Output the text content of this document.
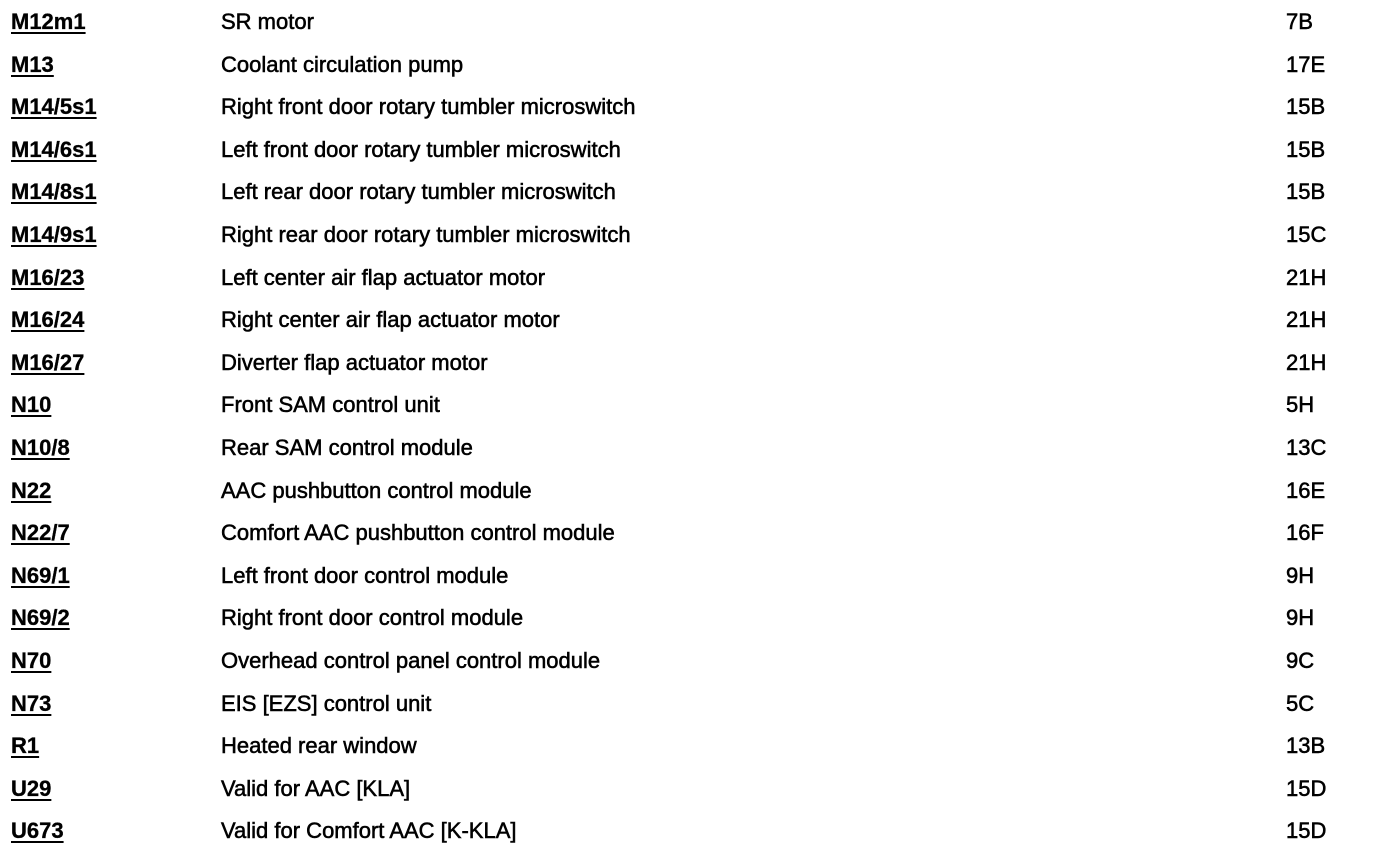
M12m1	SR motor	7B
M13	Coolant circulation pump	17E
M14/5s1	Right front door rotary tumbler microswitch	15B
M14/6s1	Left front door rotary tumbler microswitch	15B
M14/8s1	Left rear door rotary tumbler microswitch	15B
M14/9s1	Right rear door rotary tumbler microswitch	15C
M16/23	Left center air flap actuator motor	21H
M16/24	Right center air flap actuator motor	21H
M16/27	Diverter flap actuator motor	21H
N10	Front SAM control unit	5H
N10/8	Rear SAM control module	13C
N22	AAC pushbutton control module	16E
N22/7	Comfort AAC pushbutton control module	16F
N69/1	Left front door control module	9H
N69/2	Right front door control module	9H
N70	Overhead control panel control module	9C
N73	EIS [EZS] control unit	5C
R1	Heated rear window	13B
U29	Valid for AAC [KLA]	15D
U673	Valid for Comfort AAC [K-KLA]	15D
